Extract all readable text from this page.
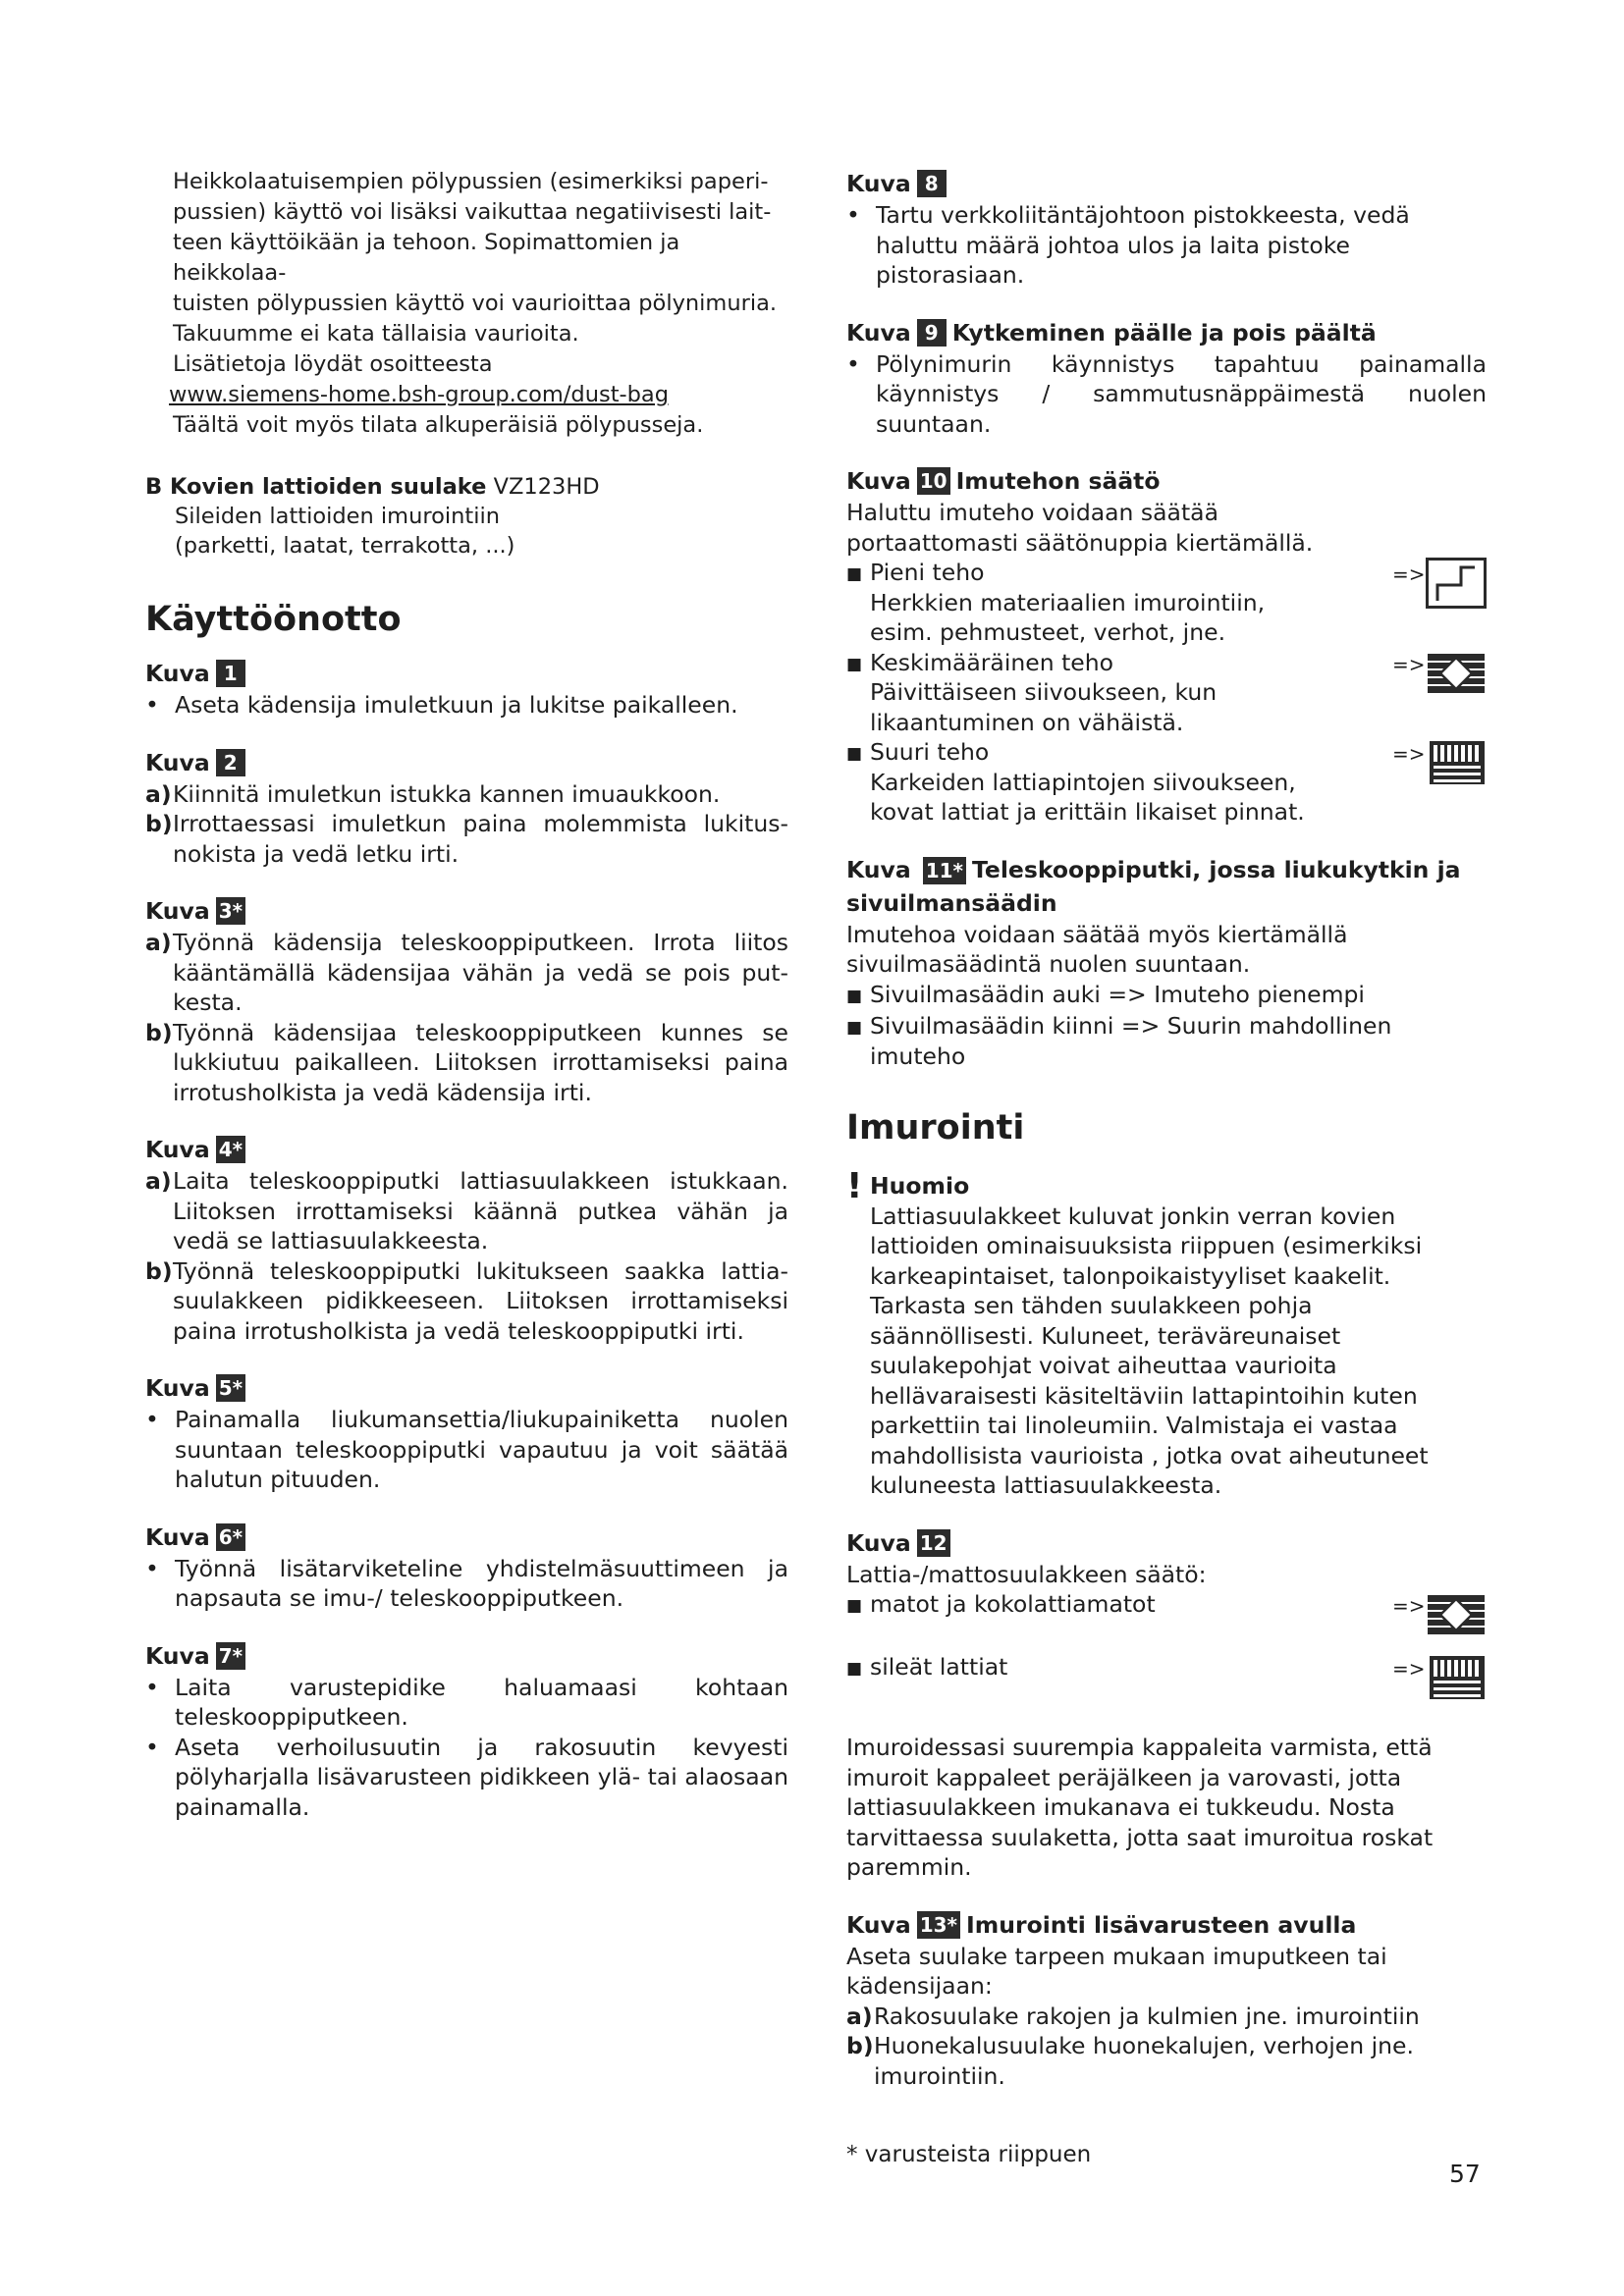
Heikkolaatuisempien pölypussien (esimerkiksi paperi-

pussien) käyttö voi lisäksi vaikuttaa negatiivisesti lait-

teen käyttöikään ja tehoon. Sopimattomien ja heikkolaa-

tuisten pölypussien käyttö voi vaurioittaa pölynimuria.

Takuumme ei kata tällaisia vaurioita.

Lisätietoja löydät osoitteesta

www.siemens-home.bsh-group.com/dust-bag

Täältä voit myös tilata alkuperäisiä pölypusseja.

B Kovien lattioiden suulake VZ123HD

Sileiden lattioiden imurointiin

(parketti, laatat, terrakotta, ...)

Käyttöönotto
Kuva 1
• Aseta kädensija imuletkuun ja lukitse paikalleen.
Kuva 2
a) Kiinnitä imuletkun istukka kannen imuaukkoon.
b) Irrottaessasi imuletkun paina molemmista lukitus-nokista ja vedä letku irti.
Kuva 3*
a) Työnnä kädensija teleskooppiputkeen. Irrota liitos kääntämällä kädensijaa vähän ja vedä se pois put-kesta.
b) Työnnä kädensijaa teleskooppiputkeen kunnes se lukkiutuu paikalleen. Liitoksen irrottamiseksi paina irrotusholkista ja vedä kädensija irti.
Kuva 4*
a) Laita teleskooppiputki lattiasuulakkeen istukkaan. Liitoksen irrottamiseksi käännä putkea vähän ja vedä se lattiasuulakkeesta.
b) Työnnä teleskooppiputki lukitukseen saakka lattia-suulakkeen pidikkeeseen. Liitoksen irrottamiseksi paina irrotusholkista ja vedä teleskooppiputki irti.
Kuva 5*
• Painamalla liukumansettia/liukupainiketta nuolen suuntaan teleskooppiputki vapautuu ja voit säätää halutun pituuden.
Kuva 6*
• Työnnä lisätarviketeline yhdistelmäsuuttimeen ja napsauta se imu-/ teleskooppiputkeen.
Kuva 7*
• Laita varustepidike haluamaasi kohtaan teleskooppiputkeen.
• Aseta verhoilusuutin ja rakosuutin kevyesti pölyharjalla lisävarusteen pidikkeen ylä- tai alaosaan painamalla.
Kuva 8
• Tartu verkkoliitäntäjohtoon pistokkeesta, vedä haluttu määrä johtoa ulos ja laita pistoke pistorasiaan.
Kuva 9 Kytkeminen päälle ja pois päältä
• Pölynimurin käynnistys tapahtuu painamalla käynnistys / sammutusnäppäimestä nuolen suuntaan.
Kuva 10 Imutehon säätö

Haluttu imuteho voidaan säätää portaattomasti säätönuppia kiertämällä.

■ Pieni teho

Herkkien materiaalien imurointiin, esim. pehmusteet, verhot, jne.

=>
■ Keskimääräinen teho

Päivittäiseen siivoukseen, kun likaantuminen on vähäistä.

=>
■ Suuri teho

Karkeiden lattiapintojen siivoukseen, kovat lattiat ja erittäin likaiset pinnat.

=>
Kuva 11* Teleskooppiputki, jossa liukukytkin ja sivuilmansäädin

Imutehoa voidaan säätää myös kiertämällä sivuilmasäädintä nuolen suuntaan.

■ Sivuilmasäädin auki => Imuteho pienempi
■ Sivuilmasäädin kiinni => Suurin mahdollinen imuteho
Imurointi
! Huomio

Lattiasuulakkeet kuluvat jonkin verran kovien lattioiden ominaisuuksista riippuen (esimerkiksi karkeapintaiset, talonpoikaistyyliset kaakelit. Tarkasta sen tähden suulakkeen pohja säännöllisesti. Kuluneet, teräväreunaiset suulakepohjat voivat aiheuttaa vaurioita hellävaraisesti käsiteltäviin lattapintoihin kuten parkettiin tai linoleumiin. Valmistaja ei vastaa mahdollisista vaurioista , jotka ovat aiheutuneet kuluneesta lattiasuulakkeesta.

Kuva 12

Lattia-/mattosuulakkeen säätö:

■ matot ja kokolattiamatot	=>
■ sileät lattiat	=>

Imuroidessasi suurempia kappaleita varmista, että imuroit kappaleet peräjälkeen ja varovasti, jotta lattiasuulakkeen imukanava ei tukkeudu. Nosta tarvittaessa suulaketta, jotta saat imuroitua roskat paremmin.

Kuva 13* Imurointi lisävarusteen avulla

Aseta suulake tarpeen mukaan imuputkeen tai kädensijaan:

a) Rakosuulake rakojen ja kulmien jne. imurointiin
b) Huonekalusuulake huonekalujen, verhojen jne. imurointiin.

* varusteista riippuen

57
